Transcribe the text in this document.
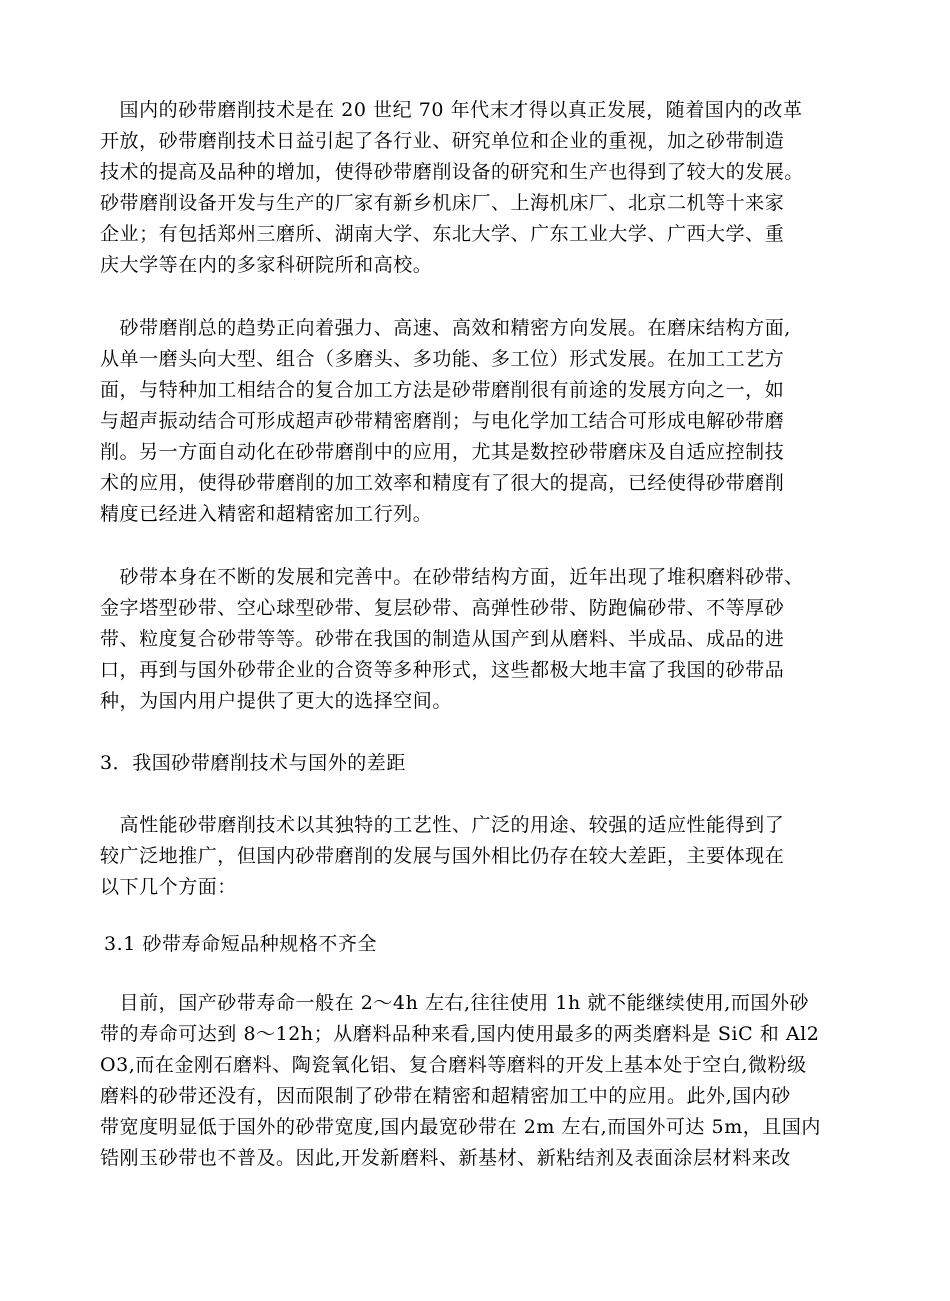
　国内的砂带磨削技术是在 20 世纪 70 年代末才得以真正发展，随着国内的改革
开放，砂带磨削技术日益引起了各行业、研究单位和企业的重视，加之砂带制造
技术的提高及品种的增加，使得砂带磨削设备的研究和生产也得到了较大的发展。
砂带磨削设备开发与生产的厂家有新乡机床厂、上海机床厂、北京二机等十来家
企业；有包括郑州三磨所、湖南大学、东北大学、广东工业大学、广西大学、重
庆大学等在内的多家科研院所和高校。
　砂带磨削总的趋势正向着强力、高速、高效和精密方向发展。在磨床结构方面,
从单一磨头向大型、组合（多磨头、多功能、多工位）形式发展。在加工工艺方
面，与特种加工相结合的复合加工方法是砂带磨削很有前途的发展方向之一，如
与超声振动结合可形成超声砂带精密磨削；与电化学加工结合可形成电解砂带磨
削。另一方面自动化在砂带磨削中的应用，尤其是数控砂带磨床及自适应控制技
术的应用，使得砂带磨削的加工效率和精度有了很大的提高，已经使得砂带磨削
精度已经进入精密和超精密加工行列。
　砂带本身在不断的发展和完善中。在砂带结构方面，近年出现了堆积磨料砂带、
金字塔型砂带、空心球型砂带、复层砂带、高弹性砂带、防跑偏砂带、不等厚砂
带、粒度复合砂带等等。砂带在我国的制造从国产到从磨料、半成品、成品的进
口，再到与国外砂带企业的合资等多种形式，这些都极大地丰富了我国的砂带品
种，为国内用户提供了更大的选择空间。
3．我国砂带磨削技术与国外的差距
　高性能砂带磨削技术以其独特的工艺性、广泛的用途、较强的适应性能得到了
较广泛地推广，但国内砂带磨削的发展与国外相比仍存在较大差距，主要体现在
以下几个方面：
3.1 砂带寿命短品种规格不齐全
　目前，国产砂带寿命一般在 2～4h 左右,往往使用 1h 就不能继续使用,而国外砂
带的寿命可达到 8～12h；从磨料品种来看,国内使用最多的两类磨料是 SiC 和 Al2
O3,而在金刚石磨料、陶瓷氧化铝、复合磨料等磨料的开发上基本处于空白,微粉级
磨料的砂带还没有，因而限制了砂带在精密和超精密加工中的应用。此外,国内砂
带宽度明显低于国外的砂带宽度,国内最宽砂带在 2m 左右,而国外可达 5m，且国内
锆刚玉砂带也不普及。因此,开发新磨料、新基材、新粘结剂及表面涂层材料来改
